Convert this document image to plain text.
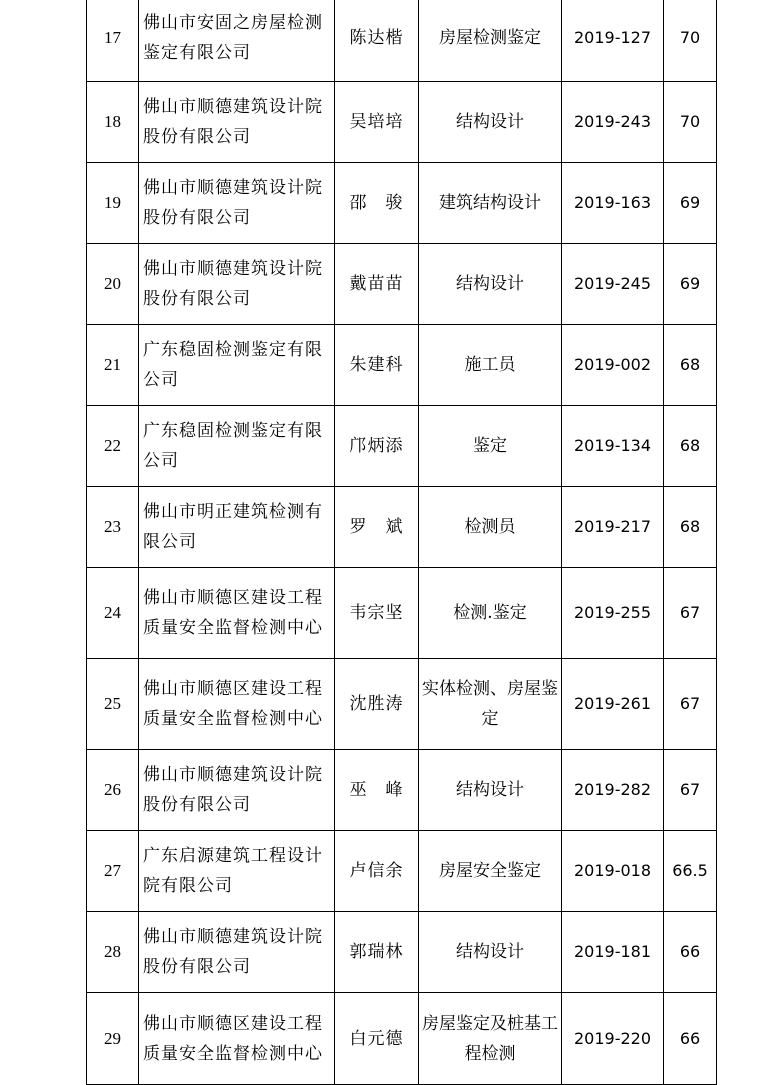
17	佛山市安固之房屋检测鉴定有限公司	陈达楷	房屋检测鉴定	2019-127	70
18	佛山市顺德建筑设计院股份有限公司	吴培培	结构设计	2019-243	70
19	佛山市顺德建筑设计院股份有限公司	邵　骏	建筑结构设计	2019-163	69
20	佛山市顺德建筑设计院股份有限公司	戴苗苗	结构设计	2019-245	69
21	广东稳固检测鉴定有限公司	朱建科	施工员	2019-002	68
22	广东稳固检测鉴定有限公司	邝炳添	鉴定	2019-134	68
23	佛山市明正建筑检测有限公司	罗　斌	检测员	2019-217	68
24	佛山市顺德区建设工程质量安全监督检测中心	韦宗坚	检测.鉴定	2019-255	67
25	佛山市顺德区建设工程质量安全监督检测中心	沈胜涛	实体检测、房屋鉴定	2019-261	67
26	佛山市顺德建筑设计院股份有限公司	巫　峰	结构设计	2019-282	67
27	广东启源建筑工程设计院有限公司	卢信余	房屋安全鉴定	2019-018	66.5
28	佛山市顺德建筑设计院股份有限公司	郭瑞林	结构设计	2019-181	66
29	佛山市顺德区建设工程质量安全监督检测中心	白元德	房屋鉴定及桩基工程检测	2019-220	66
